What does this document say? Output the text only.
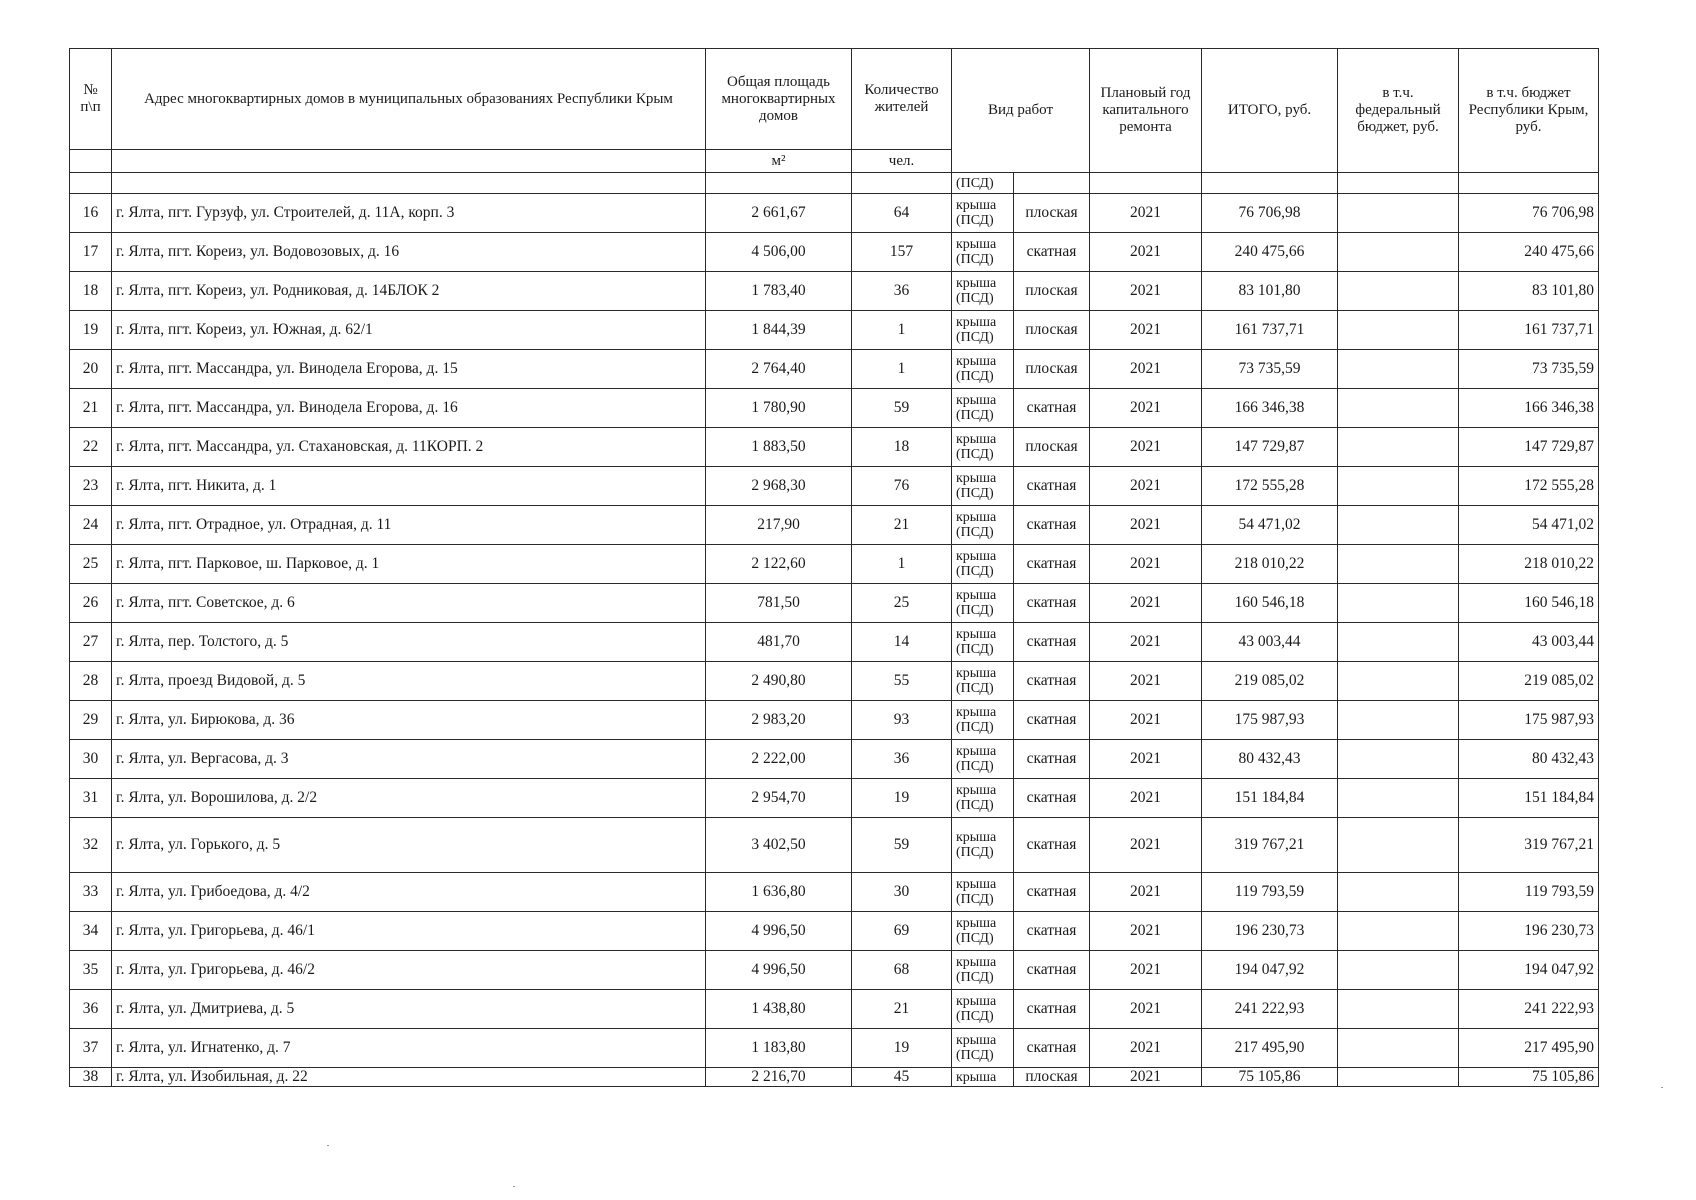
№ п\п	Адрес многоквартирных домов в муниципальных образованиях Республики Крым	Общая площадь многоквартирных домов	Количество жителей	Вид работ		Плановый год капитального ремонта	ИТОГО, руб.	в т.ч. федеральный бюджет, руб.	в т.ч. бюджет Республики Крым, руб.
		м²	чел.						
				(ПСД)					
16	г. Ялта, пгт. Гурзуф, ул. Строителей, д. 11А, корп. 3	2 661,67	64	крыша
(ПСД)	плоская	2021	76 706,98		76 706,98
17	г. Ялта, пгт. Кореиз, ул. Водовозовых, д. 16	4 506,00	157	крыша
(ПСД)	скатная	2021	240 475,66		240 475,66
18	г. Ялта, пгт. Кореиз, ул. Родниковая, д. 14БЛОК 2	1 783,40	36	крыша
(ПСД)	плоская	2021	83 101,80		83 101,80
19	г. Ялта, пгт. Кореиз, ул. Южная, д. 62/1	1 844,39	1	крыша
(ПСД)	плоская	2021	161 737,71		161 737,71
20	г. Ялта, пгт. Массандра, ул. Винодела Егорова, д. 15	2 764,40	1	крыша
(ПСД)	плоская	2021	73 735,59		73 735,59
21	г. Ялта, пгт. Массандра, ул. Винодела Егорова, д. 16	1 780,90	59	крыша
(ПСД)	скатная	2021	166 346,38		166 346,38
22	г. Ялта, пгт. Массандра, ул. Стахановская, д. 11КОРП. 2	1 883,50	18	крыша
(ПСД)	плоская	2021	147 729,87		147 729,87
23	г. Ялта, пгт. Никита, д. 1	2 968,30	76	крыша
(ПСД)	скатная	2021	172 555,28		172 555,28
24	г. Ялта, пгт. Отрадное, ул. Отрадная, д. 11	217,90	21	крыша
(ПСД)	скатная	2021	54 471,02		54 471,02
25	г. Ялта, пгт. Парковое, ш. Парковое, д. 1	2 122,60	1	крыша
(ПСД)	скатная	2021	218 010,22		218 010,22
26	г. Ялта, пгт. Советское, д. 6	781,50	25	крыша
(ПСД)	скатная	2021	160 546,18		160 546,18
27	г. Ялта, пер. Толстого, д. 5	481,70	14	крыша
(ПСД)	скатная	2021	43 003,44		43 003,44
28	г. Ялта, проезд Видовой, д. 5	2 490,80	55	крыша
(ПСД)	скатная	2021	219 085,02		219 085,02
29	г. Ялта, ул. Бирюкова, д. 36	2 983,20	93	крыша
(ПСД)	скатная	2021	175 987,93		175 987,93
30	г. Ялта, ул. Вергасова, д. 3	2 222,00	36	крыша
(ПСД)	скатная	2021	80 432,43		80 432,43
31	г. Ялта, ул. Ворошилова, д. 2/2	2 954,70	19	крыша
(ПСД)	скатная	2021	151 184,84		151 184,84
32	г. Ялта, ул. Горького, д. 5	3 402,50	59	крыша
(ПСД)	скатная	2021	319 767,21		319 767,21
33	г. Ялта, ул. Грибоедова, д. 4/2	1 636,80	30	крыша
(ПСД)	скатная	2021	119 793,59		119 793,59
34	г. Ялта, ул. Григорьева, д. 46/1	4 996,50	69	крыша
(ПСД)	скатная	2021	196 230,73		196 230,73
35	г. Ялта, ул. Григорьева, д. 46/2	4 996,50	68	крыша
(ПСД)	скатная	2021	194 047,92		194 047,92
36	г. Ялта, ул. Дмитриева, д. 5	1 438,80	21	крыша
(ПСД)	скатная	2021	241 222,93		241 222,93
37	г. Ялта, ул. Игнатенко, д. 7	1 183,80	19	крыша
(ПСД)	скатная	2021	217 495,90		217 495,90
38	г. Ялта, ул. Изобильная, д. 22	2 216,70	45	крыша	плоская	2021	75 105,86		75 105,86
